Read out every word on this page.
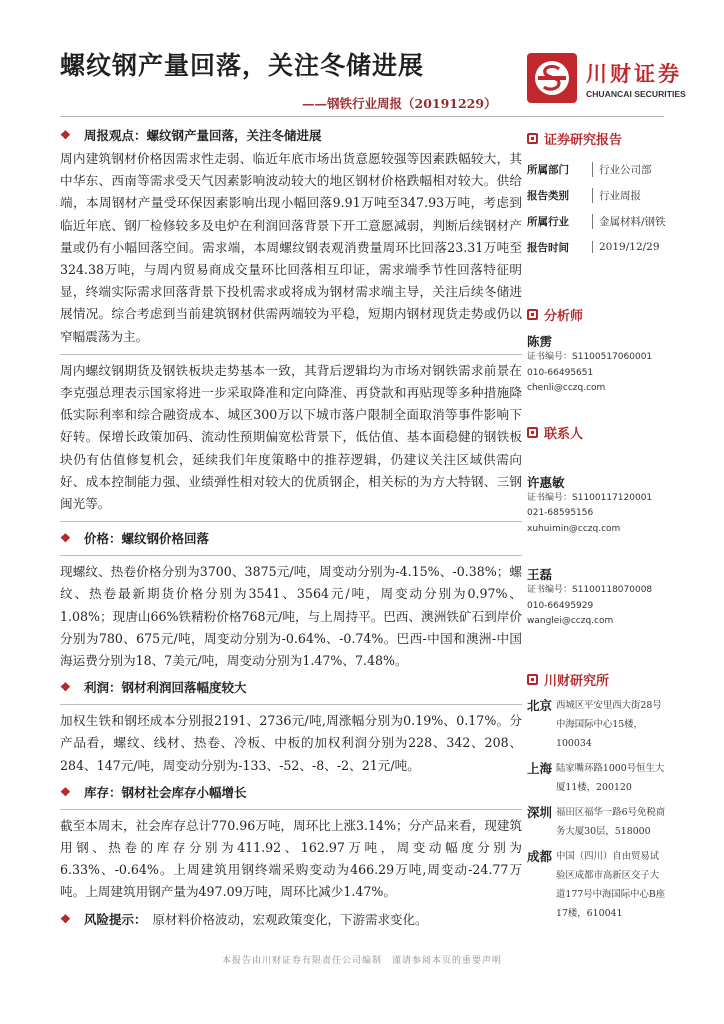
螺纹钢产量回落，关注冬储进展
——钢铁行业周报（20191229）
川财证券
CHUANCAI SECURITIES
❖	周报观点：螺纹钢产量回落，关注冬储进展
周内建筑钢材价格因需求性走弱、临近年底市场出货意愿较强等因素跌幅较大，其中华东、西南等需求受天气因素影响波动较大的地区钢材价格跌幅相对较大。供给端，本周钢材产量受环保因素影响出现小幅回落9.91万吨至347.93万吨，考虑到临近年底、钢厂检修较多及电炉在利润回落背景下开工意愿减弱，判断后续钢材产量或仍有小幅回落空间。需求端，本周螺纹钢表观消费量周环比回落23.31万吨至324.38万吨，与周内贸易商成交量环比回落相互印证，需求端季节性回落特征明显，终端实际需求回落背景下投机需求或将成为钢材需求端主导，关注后续冬储进展情况。综合考虑到当前建筑钢材供需两端较为平稳，短期内钢材现货走势或仍以窄幅震荡为主。
周内螺纹钢期货及钢铁板块走势基本一致，其背后逻辑均为市场对钢铁需求前景在李克强总理表示国家将进一步采取降准和定向降准、再贷款和再贴现等多种措施降低实际利率和综合融资成本、城区300万以下城市落户限制全面取消等事件影响下好转。保增长政策加码、流动性预期偏宽松背景下，低估值、基本面稳健的钢铁板块仍有估值修复机会，延续我们年度策略中的推荐逻辑，仍建议关注区域供需向好、成本控制能力强、业绩弹性相对较大的优质钢企，相关标的为方大特钢、三钢闽光等。
❖	价格：螺纹钢价格回落
现螺纹、热卷价格分别为3700、3875元/吨，周变动分别为-4.15%、-0.38%；螺纹、热卷最新期货价格分别为3541、3564元/吨，周变动分别为0.97%、1.08%；现唐山66%铁精粉价格768元/吨，与上周持平。巴西、澳洲铁矿石到岸价分别为780、675元/吨，周变动分别为-0.64%、-0.74%。巴西-中国和澳洲-中国海运费分别为18、7美元/吨，周变动分别为1.47%、7.48%。
❖	利润：钢材利润回落幅度较大
加权生铁和钢坯成本分别报2191、2736元/吨,周涨幅分别为0.19%、0.17%。分产品看，螺纹、线材、热卷、冷板、中板的加权利润分别为228、342、208、284、147元/吨，周变动分别为-133、-52、-8、-2、21元/吨。
❖	库存：钢材社会库存小幅增长
截至本周末，社会库存总计770.96万吨，周环比上涨3.14%；分产品来看，现建筑用钢、热卷的库存分别为411.92、162.97万吨，周变动幅度分别为6.33%、-0.64%。上周建筑用钢终端采购变动为466.29万吨,周变动-24.77万吨。上周建筑用钢产量为497.09万吨，周环比减少1.47%。
❖	风险提示： 原材料价格波动，宏观政策变化，下游需求变化。
证券研究报告
所属部门	行业公司部
报告类别	行业周报
所属行业	金属材料/钢铁
报告时间	2019/12/29
分析师
陈雳
证书编号：S1100517060001
010-66495651
chenli@cczq.com
联系人
许惠敏
证书编号：S1100117120001
021-68595156
xuhuimin@cczq.com
王磊
证书编号：S1100118070008
010-66495929
wanglei@cczq.com
川财研究所
北京 西城区平安里西大街28号中海国际中心15楼，100034
上海 陆家嘴环路1000号恒生大厦11楼，200120
深圳 福田区福华一路6号免税商务大厦30层，518000
成都 中国（四川）自由贸易试验区成都市高新区交子大道177号中海国际中心B座17楼，610041
本报告由川财证券有限责任公司编制　谨请参阅本页的重要声明
